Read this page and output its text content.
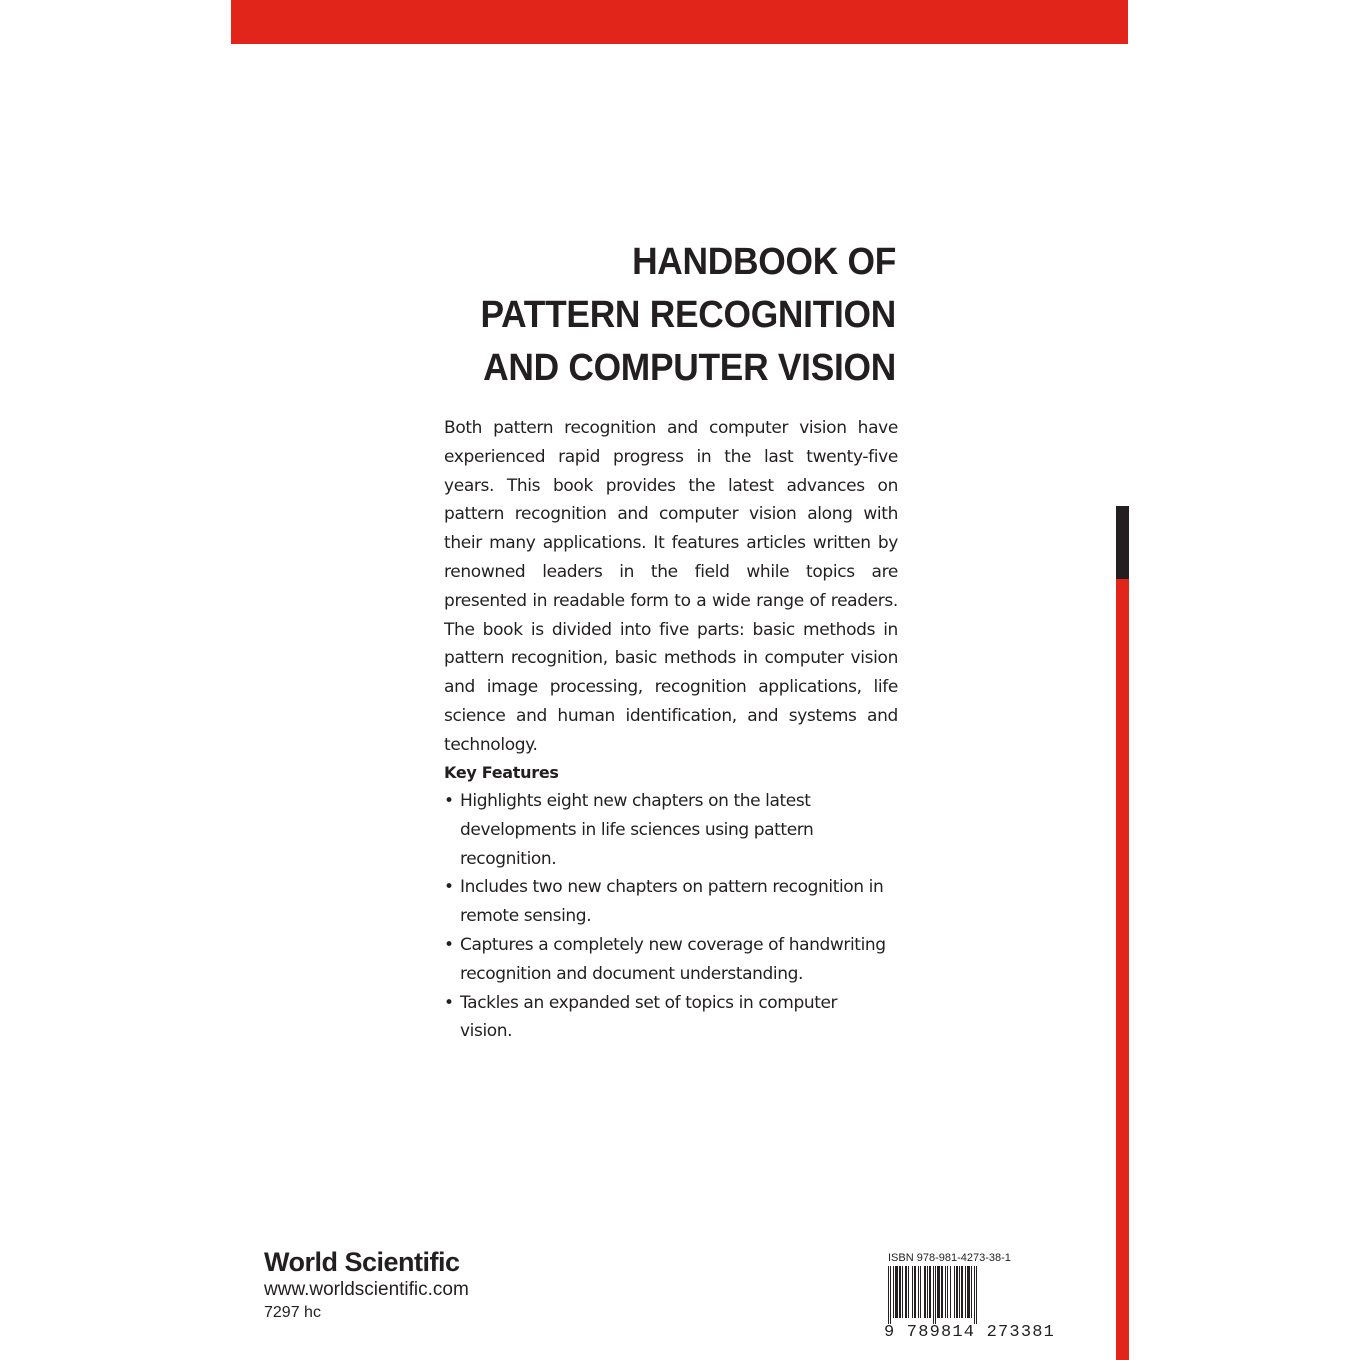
HANDBOOK OF
PATTERN RECOGNITION
AND COMPUTER VISION

Both pattern recognition and computer vision have experienced rapid progress in the last twenty-five years. This book provides the latest advances on pattern recognition and computer vision along with their many applications. It features articles written by renowned leaders in the field while topics are presented in readable form to a wide range of readers. The book is divided into five parts: basic methods in pattern recognition, basic methods in computer vision and image processing, recognition applications, life science and human identification, and systems and technology.

Key Features
• Highlights eight new chapters on the latest developments in life sciences using pattern recognition.
• Includes two new chapters on pattern recognition in remote sensing.
• Captures a completely new coverage of handwriting recognition and document understanding.
• Tackles an expanded set of topics in computer vision.
World Scientific
www.worldscientific.com
7297 hc
ISBN 978-981-4273-38-1
9 789814 273381
